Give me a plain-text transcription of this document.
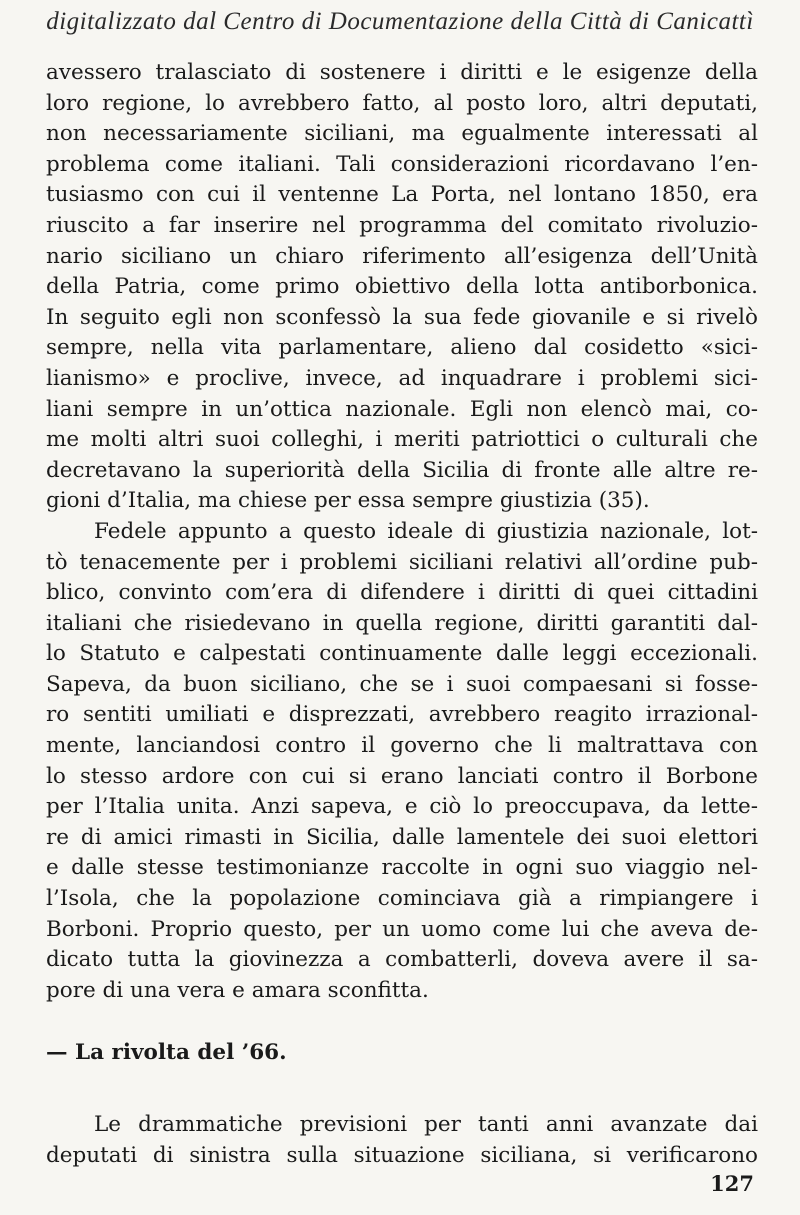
digitalizzato dal Centro di Documentazione della Città di Canicattì
avessero tralasciato di sostenere i diritti e le esigenze della
loro regione, lo avrebbero fatto, al posto loro, altri deputati,
non necessariamente siciliani, ma egualmente interessati al
problema come italiani. Tali considerazioni ricordavano l’en-
tusiasmo con cui il ventenne La Porta, nel lontano 1850, era
riuscito a far inserire nel programma del comitato rivoluzio-
nario siciliano un chiaro riferimento all’esigenza dell’Unità
della Patria, come primo obiettivo della lotta antiborbonica.
In seguito egli non sconfessò la sua fede giovanile e si rivelò
sempre, nella vita parlamentare, alieno dal cosidetto «sici-
lianismo» e proclive, invece, ad inquadrare i problemi sici-
liani sempre in un’ottica nazionale. Egli non elencò mai, co-
me molti altri suoi colleghi, i meriti patriottici o culturali che
decretavano la superiorità della Sicilia di fronte alle altre re-
gioni d’Italia, ma chiese per essa sempre giustizia (35).
Fedele appunto a questo ideale di giustizia nazionale, lot-
tò tenacemente per i problemi siciliani relativi all’ordine pub-
blico, convinto com’era di difendere i diritti di quei cittadini
italiani che risiedevano in quella regione, diritti garantiti dal-
lo Statuto e calpestati continuamente dalle leggi eccezionali.
Sapeva, da buon siciliano, che se i suoi compaesani si fosse-
ro sentiti umiliati e disprezzati, avrebbero reagito irrazional-
mente, lanciandosi contro il governo che li maltrattava con
lo stesso ardore con cui si erano lanciati contro il Borbone
per l’Italia unita. Anzi sapeva, e ciò lo preoccupava, da lette-
re di amici rimasti in Sicilia, dalle lamentele dei suoi elettori
e dalle stesse testimonianze raccolte in ogni suo viaggio nel-
l’Isola, che la popolazione cominciava già a rimpiangere i
Borboni. Proprio questo, per un uomo come lui che aveva de-
dicato tutta la giovinezza a combatterli, doveva avere il sa-
pore di una vera e amara sconfitta.
— La rivolta del ’66.
Le drammatiche previsioni per tanti anni avanzate dai
deputati di sinistra sulla situazione siciliana, si verificarono
127
